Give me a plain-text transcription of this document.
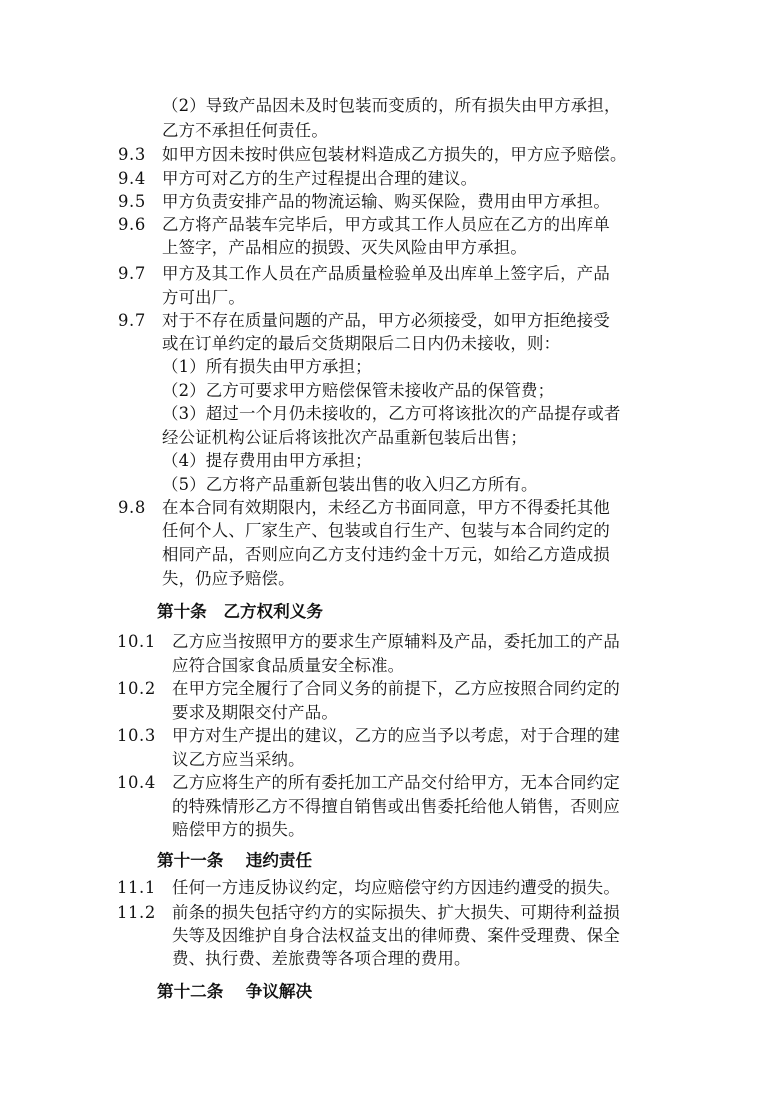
（2）导致产品因未及时包装而变质的，所有损失由甲方承担，
乙方不承担任何责任。
9.3 如甲方因未按时供应包装材料造成乙方损失的，甲方应予赔偿。
9.4 甲方可对乙方的生产过程提出合理的建议。
9.5 甲方负责安排产品的物流运输、购买保险，费用由甲方承担。
9.6 乙方将产品装车完毕后，甲方或其工作人员应在乙方的出库单
上签字，产品相应的损毁、灭失风险由甲方承担。
9.7 甲方及其工作人员在产品质量检验单及出库单上签字后，产品
方可出厂。
9.7 对于不存在质量问题的产品，甲方必须接受，如甲方拒绝接受
或在订单约定的最后交货期限后二日内仍未接收，则：
（1）所有损失由甲方承担；
（2）乙方可要求甲方赔偿保管未接收产品的保管费；
（3）超过一个月仍未接收的，乙方可将该批次的产品提存或者
经公证机构公证后将该批次产品重新包装后出售；
（4）提存费用由甲方承担；
（5）乙方将产品重新包装出售的收入归乙方所有。
9.8 在本合同有效期限内，未经乙方书面同意，甲方不得委托其他
任何个人、厂家生产、包装或自行生产、包装与本合同约定的
相同产品，否则应向乙方支付违约金十万元，如给乙方造成损
失，仍应予赔偿。
第十条　乙方权利义务
10.1 乙方应当按照甲方的要求生产原辅料及产品，委托加工的产品
应符合国家食品质量安全标准。
10.2 在甲方完全履行了合同义务的前提下，乙方应按照合同约定的
要求及期限交付产品。
10.3 甲方对生产提出的建议，乙方的应当予以考虑，对于合理的建
议乙方应当采纳。
10.4 乙方应将生产的所有委托加工产品交付给甲方，无本合同约定
的特殊情形乙方不得擅自销售或出售委托给他人销售，否则应
赔偿甲方的损失。
第十一条　 违约责任
11.1 任何一方违反协议约定，均应赔偿守约方因违约遭受的损失。
11.2 前条的损失包括守约方的实际损失、扩大损失、可期待利益损
失等及因维护自身合法权益支出的律师费、案件受理费、保全
费、执行费、差旅费等各项合理的费用。
第十二条　 争议解决
